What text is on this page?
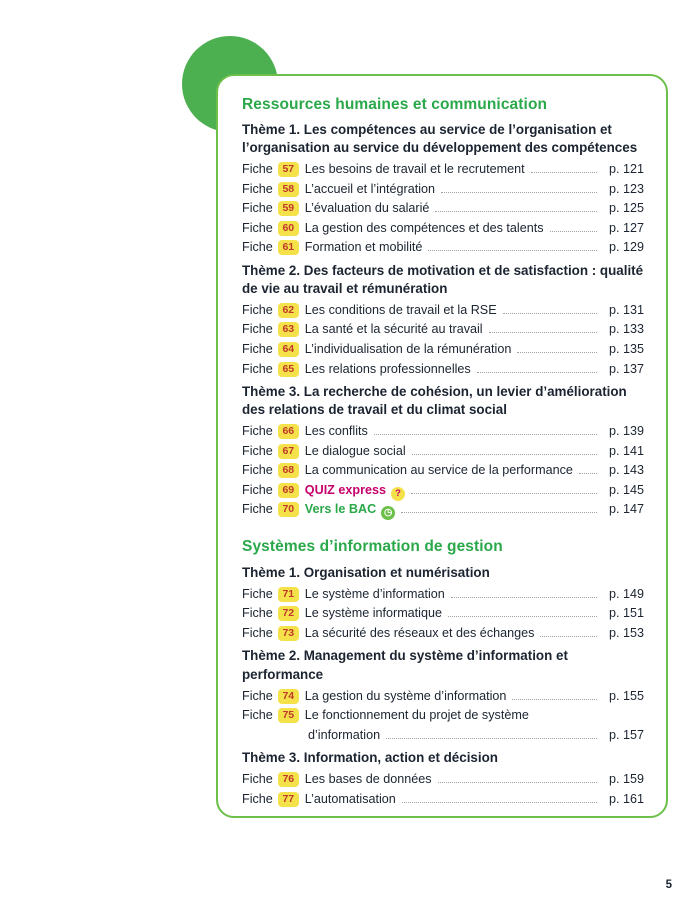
Ressources humaines et communication
Thème 1. Les compétences au service de l’organisation et l’organisation au service du développement des compétences
Fiche 57 Les besoins de travail et le recrutement	p. 121
Fiche 58 L’accueil et l’intégration	p. 123
Fiche 59 L’évaluation du salarié	p. 125
Fiche 60 La gestion des compétences et des talents	p. 127
Fiche 61 Formation et mobilité	p. 129
Thème 2. Des facteurs de motivation et de satisfaction : qualité de vie au travail et rémunération
Fiche 62 Les conditions de travail et la RSE	p. 131
Fiche 63 La santé et la sécurité au travail	p. 133
Fiche 64 L’individualisation de la rémunération	p. 135
Fiche 65 Les relations professionnelles	p. 137
Thème 3. La recherche de cohésion, un levier d’amélioration des relations de travail et du climat social
Fiche 66 Les conflits	p. 139
Fiche 67 Le dialogue social	p. 141
Fiche 68 La communication au service de la performance	p. 143
Fiche 69 QUIZ express ?	p. 145
Fiche 70 Vers le BAC ◷	p. 147
Systèmes d’information de gestion
Thème 1. Organisation et numérisation
Fiche 71 Le système d’information	p. 149
Fiche 72 Le système informatique	p. 151
Fiche 73 La sécurité des réseaux et des échanges	p. 153
Thème 2. Management du système d’information et performance
Fiche 74 La gestion du système d’information	p. 155
Fiche 75 Le fonctionnement du projet de système
d’information	p. 157
Thème 3. Information, action et décision
Fiche 76 Les bases de données	p. 159
Fiche 77 L’automatisation	p. 161
5
